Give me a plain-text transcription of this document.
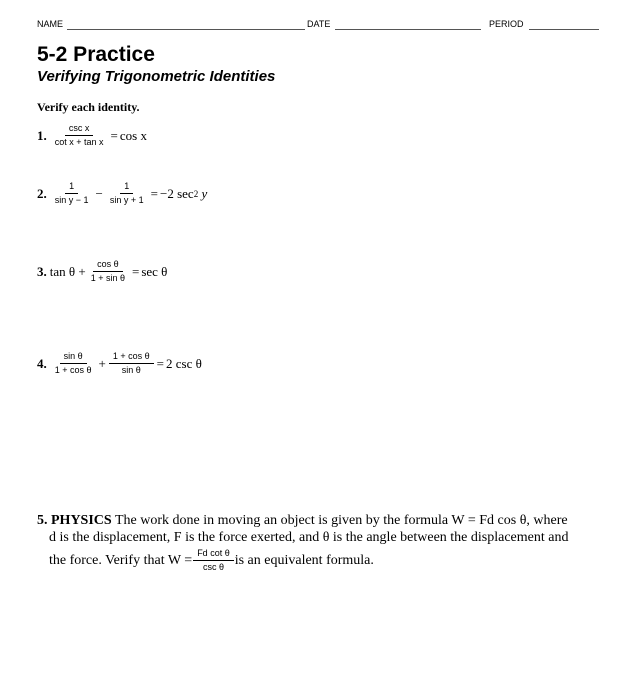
NAME	DATE	PERIOD
5-2 Practice
Verifying Trigonometric Identities
Verify each identity.
1. $\frac{\text{csc x}}{\text{cot x + tan x}} = \cos x$
2. $\frac{1}{\text{sin y − 1}} - \frac{1}{\text{sin y + 1}} = -2$ sec 2
y
3. $\tan \theta + \frac{\text{cos θ}}{\text{1 + sin θ}} = \sec \theta$
4. $\frac{\text{sin θ}}{\text{1 + cos θ}} + \frac{\text{1 + cos θ}}{\text{sin θ}} = 2$ csc θ
5. PHYSICS The work done in moving an object is given by the formula W = Fd cos θ, where
d is the displacement, F is the force exerted, and θ is the angle between the displacement and
the force. Verify that $W = \frac{\text{Fd cot θ}}{\text{csc θ}}$ is an equivalent formula.
